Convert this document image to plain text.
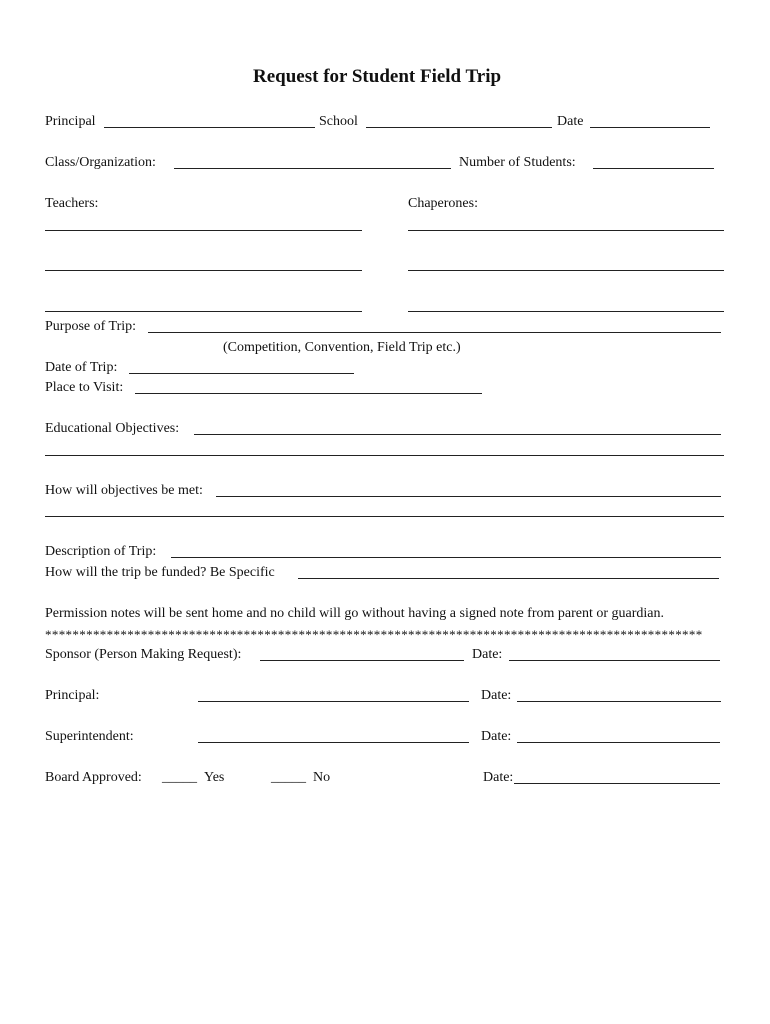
Request for Student Field Trip
Principal	School	Date
Class/Organization:	Number of Students:
Teachers:	Chaperones:
Purpose of Trip:
(Competition, Convention, Field Trip etc.)
Date of Trip:
Place to Visit:
Educational Objectives:
How will objectives be met:
Description of Trip:
How will the trip be funded? Be Specific
Permission notes will be sent home and no child will go without having a signed note from parent or guardian.
************************************************************************************************
Sponsor (Person Making Request):	Date:
Principal:	Date:
Superintendent:	Date:
Board Approved: _____ Yes	_____ No	Date:
